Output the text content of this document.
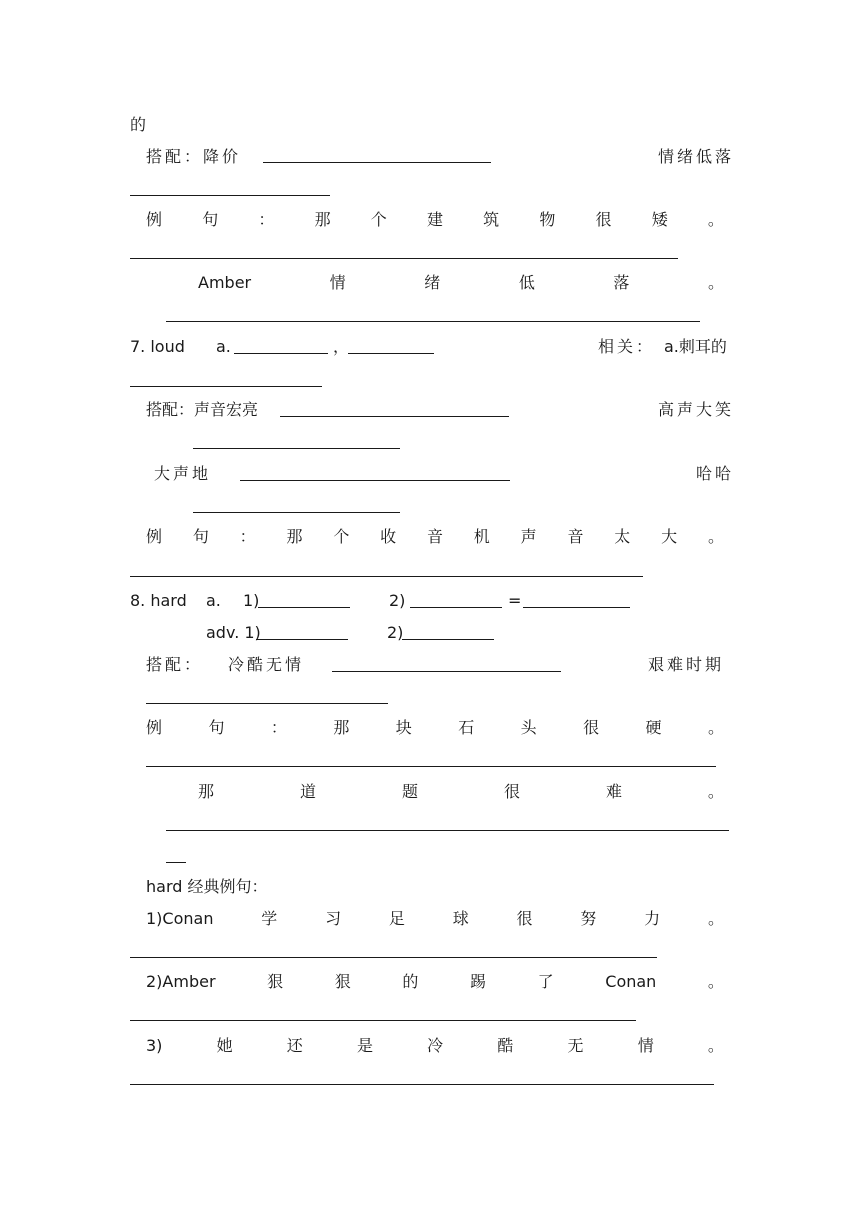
的
搭配：降价	情绪低落
例	句	：	那	个	建	筑	物	很	矮	。
Amber	情	绪	低	落	。
7. loud a.	，	相关： a.刺耳的
搭配：声音宏亮	高声大笑
大声地	哈哈
例 句 ： 那 个 收 音 机 声 音 太 大 。
8. hard a. 1)	2)	=
adv. 1)	2)
搭配： 冷酷无情	艰难时期
例	句	：	那	块	石	头	很	硬	。
那	道	题	很	难	。
hard 经典例句：
1)Conan	学	习	足	球	很	努	力	。
2)Amber	狠	狠	的	踢	了	Conan	。
3)	她	还	是	冷	酷	无	情	。
